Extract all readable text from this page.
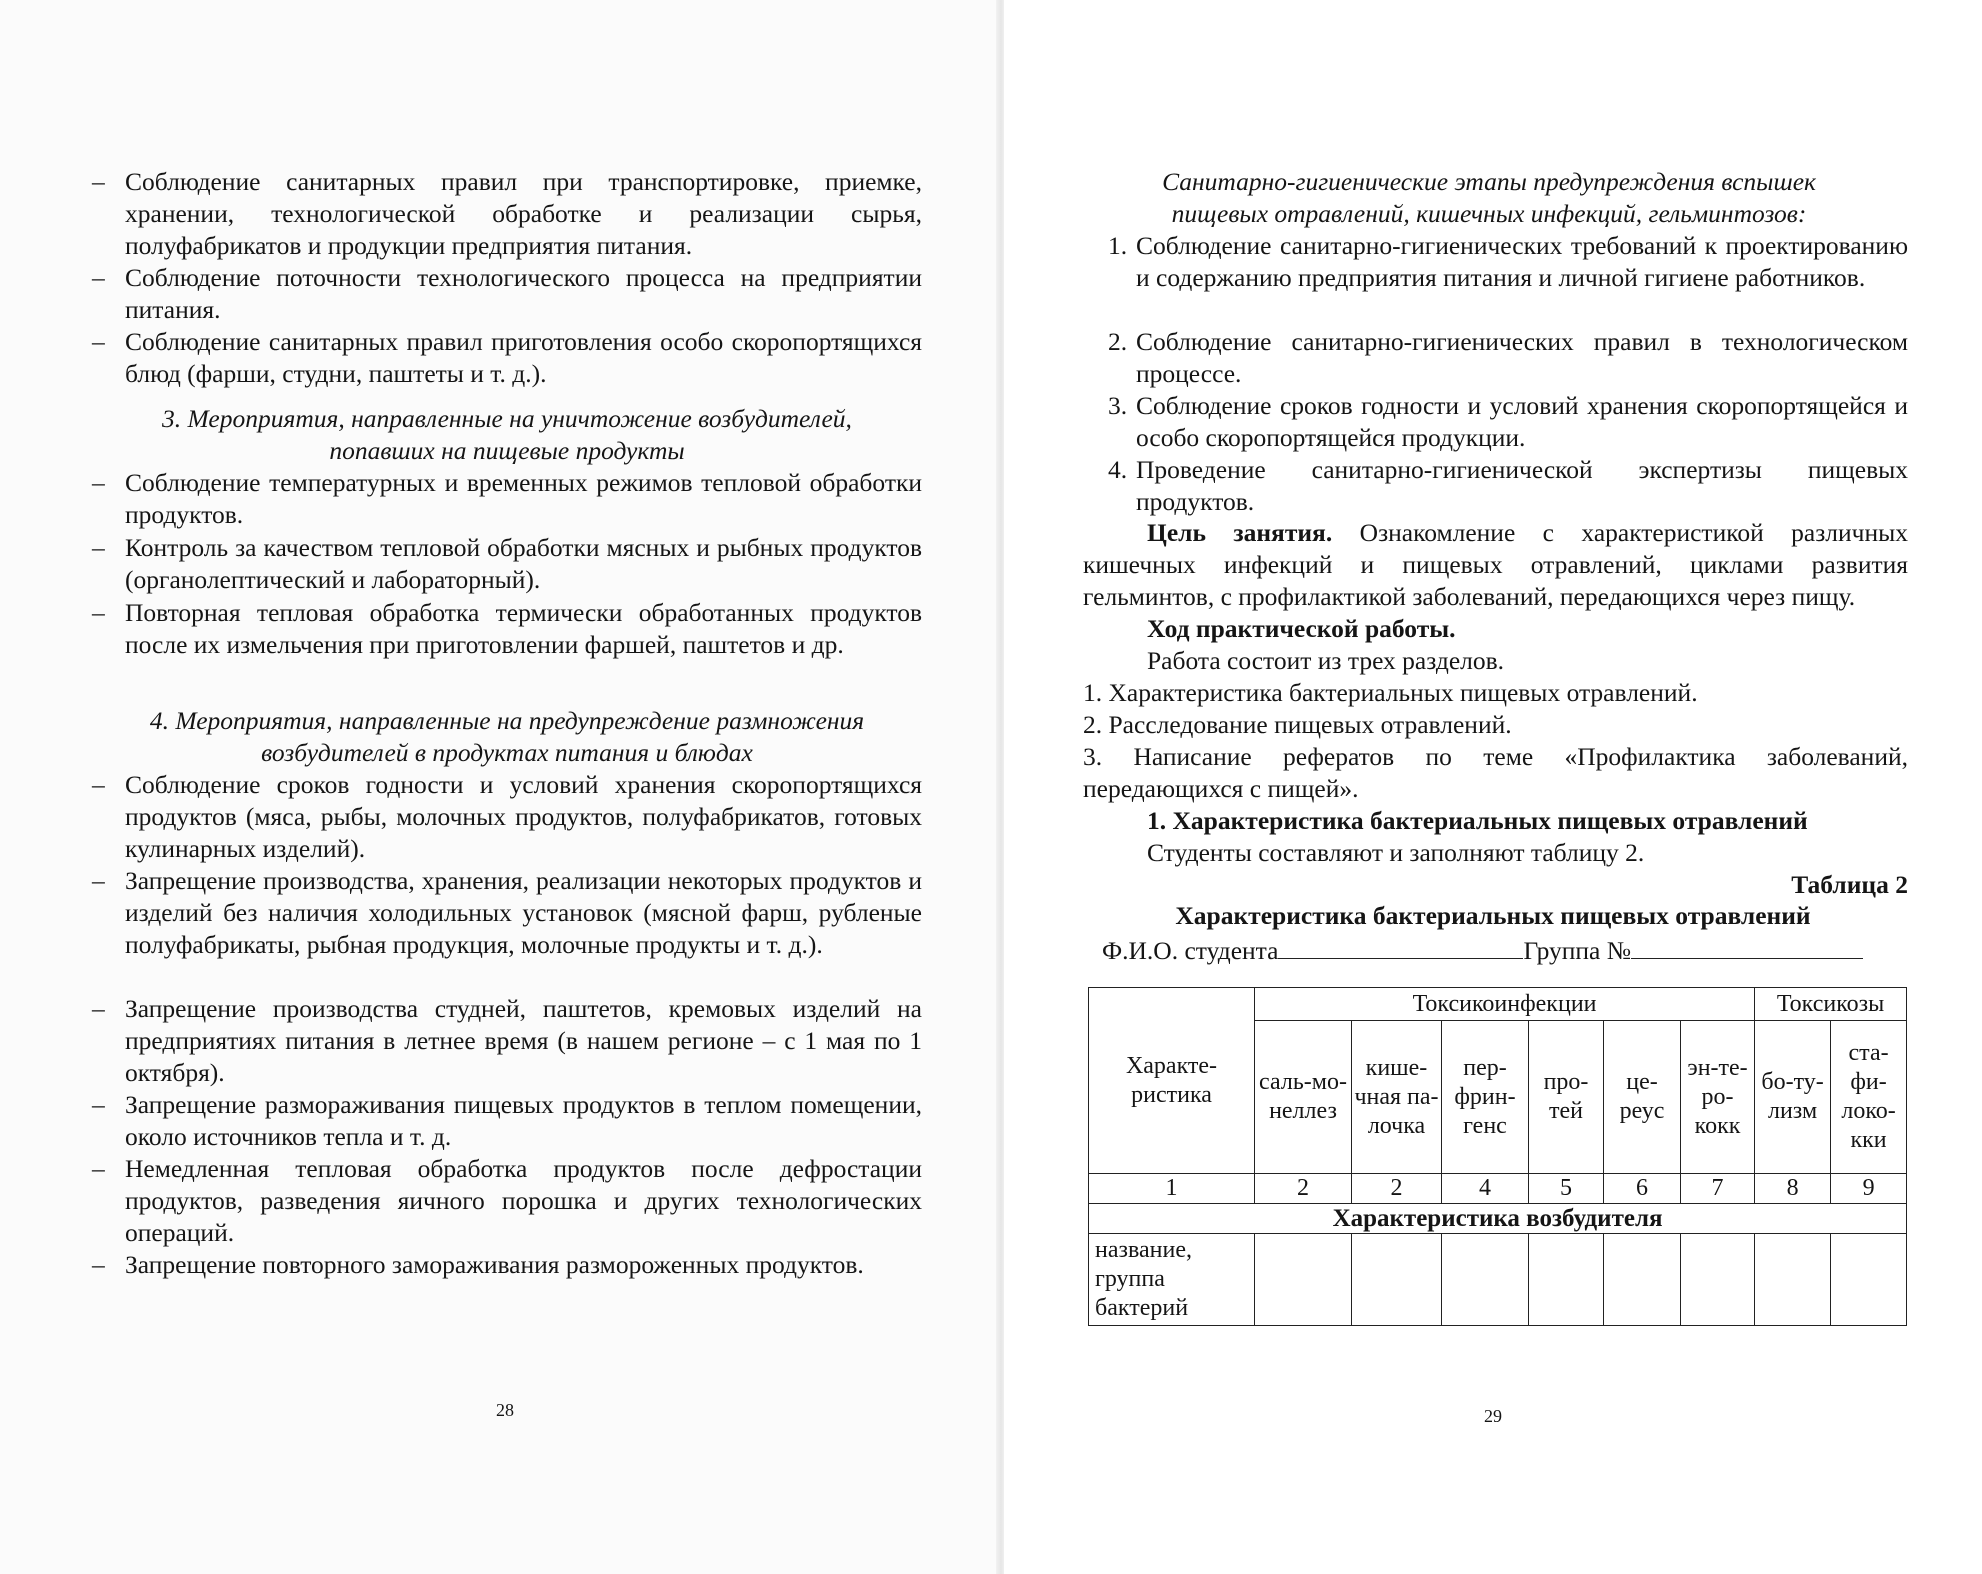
– Соблюдение санитарных правил при транспортировке, приемке, хранении, технологической обработке и реализации сырья, полуфабрикатов и продукции предприятия питания.
– Соблюдение поточности технологического процесса на предприятии питания.
– Соблюдение санитарных правил приготовления особо скоропортящихся блюд (фарши, студни, паштеты и т. д.).
3. Мероприятия, направленные на уничтожение возбудителей,
попавших на пищевые продукты
– Соблюдение температурных и временных режимов тепловой обработки продуктов.
– Контроль за качеством тепловой обработки мясных и рыбных продуктов (органолептический и лабораторный).
– Повторная тепловая обработка термически обработанных продуктов после их измельчения при приготовлении фаршей, паштетов и др.
4. Мероприятия, направленные на предупреждение размножения
возбудителей в продуктах питания и блюдах
– Соблюдение сроков годности и условий хранения скоропортящихся продуктов (мяса, рыбы, молочных продуктов, полуфабрикатов, готовых кулинарных изделий).
– Запрещение производства, хранения, реализации некоторых продуктов и изделий без наличия холодильных установок (мясной фарш, рубленые полуфабрикаты, рыбная продукция, молочные продукты и т. д.).
– Запрещение производства студней, паштетов, кремовых изделий на предприятиях питания в летнее время (в нашем регионе – с 1 мая по 1 октября).
– Запрещение размораживания пищевых продуктов в теплом помещении, около источников тепла и т. д.
– Немедленная тепловая обработка продуктов после дефростации продуктов, разведения яичного порошка и других технологических операций.
– Запрещение повторного замораживания размороженных продуктов.
28
Санитарно-гигиенические этапы предупреждения вспышек
пищевых отравлений, кишечных инфекций, гельминтозов:
1. Соблюдение санитарно-гигиенических требований к проектированию и содержанию предприятия питания и личной гигиене работников.
2. Соблюдение санитарно-гигиенических правил в технологическом процессе.
3. Соблюдение сроков годности и условий хранения скоропортящейся и особо скоропортящейся продукции.
4. Проведение санитарно-гигиенической экспертизы пищевых продуктов.
Цель занятия. Ознакомление с характеристикой различных кишечных инфекций и пищевых отравлений, циклами развития гельминтов, с профилактикой заболеваний, передающихся через пищу.
Ход практической работы.
Работа состоит из трех разделов.
1. Характеристика бактериальных пищевых отравлений.
2. Расследование пищевых отравлений.
3. Написание рефератов по теме «Профилактика заболеваний, передающихся с пищей».
1. Характеристика бактериальных пищевых отравлений
Студенты составляют и заполняют таблицу 2.
Таблица 2
Характеристика бактериальных пищевых отравлений
Ф.И.О. студента	Группа №
29
Характе-ристика	Токсикоинфекции						Токсикозы	
	саль-мо-неллез	кише-чная па-лочка	пер-фрин-генс	про-тей	це-реус	эн-те-ро-кокк	бо-ту-лизм	ста-фи-локо-кки
1	2	2	4	5	6	7	8	9
Характеристика возбудителя								
название, группа бактерий								
